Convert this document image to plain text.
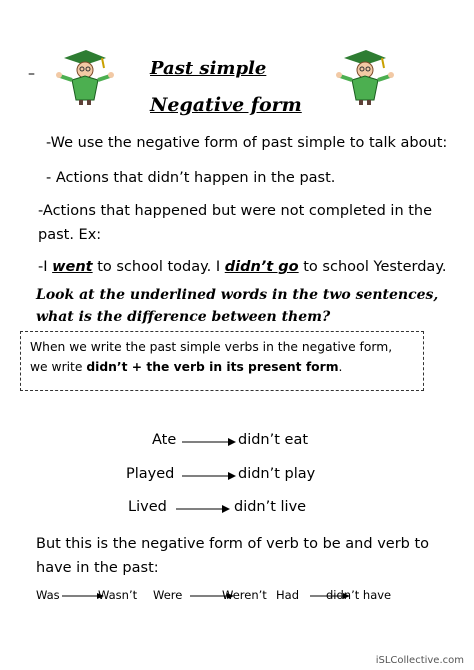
–	Past simple
Negative form
-We use the negative form of past simple to talk about:
- Actions that didn’t happen in the past.
-Actions that happened but were not completed in the
past. Ex:
-I went to school today. I didn’t go to school Yesterday.
Look at the underlined words in the two sentences, what is the difference between them?
When we write the past simple verbs in the negative form,
we write didn’t + the verb in its present form.
Ate	didn’t eat
Played	didn’t play
Lived	didn’t live
But this is the negative form of verb to be and verb to
have in the past:
Was	Wasn’t Were	Weren’t Had didn’t have
iSLCollective.com
